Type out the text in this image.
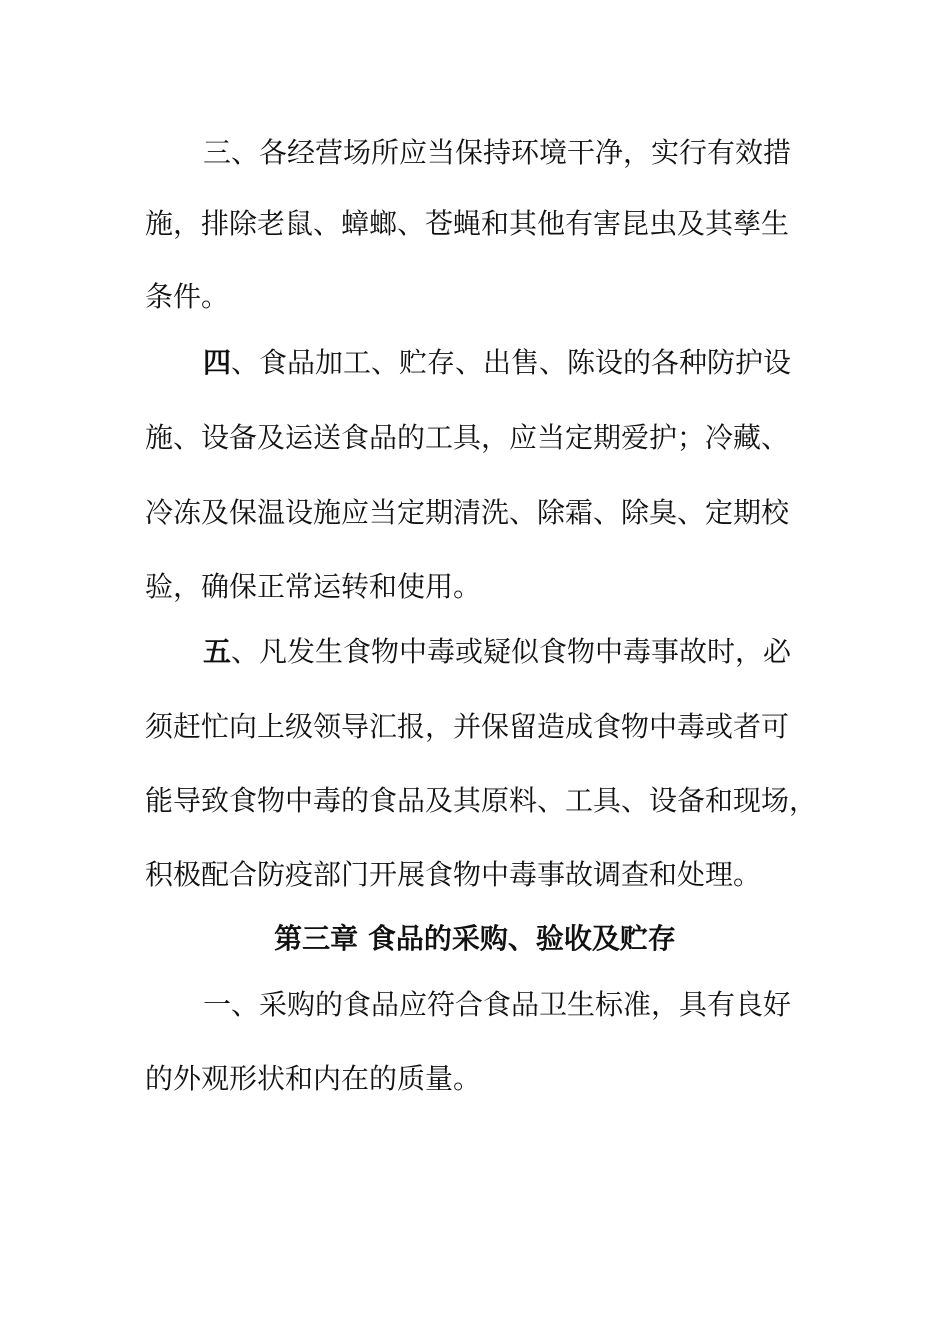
三、各经营场所应当保持环境干净，实行有效措
施，排除老鼠、蟑螂、苍蝇和其他有害昆虫及其孳生
条件。
四、食品加工、贮存、出售、陈设的各种防护设
施、设备及运送食品的工具，应当定期爱护；冷藏、
冷冻及保温设施应当定期清洗、除霜、除臭、定期校
验，确保正常运转和使用。
五、凡发生食物中毒或疑似食物中毒事故时，必
须赶忙向上级领导汇报，并保留造成食物中毒或者可
能导致食物中毒的食品及其原料、工具、设备和现场，
积极配合防疫部门开展食物中毒事故调查和处理。
第三章 食品的采购、验收及贮存
一、采购的食品应符合食品卫生标准，具有良好
的外观形状和内在的质量。
